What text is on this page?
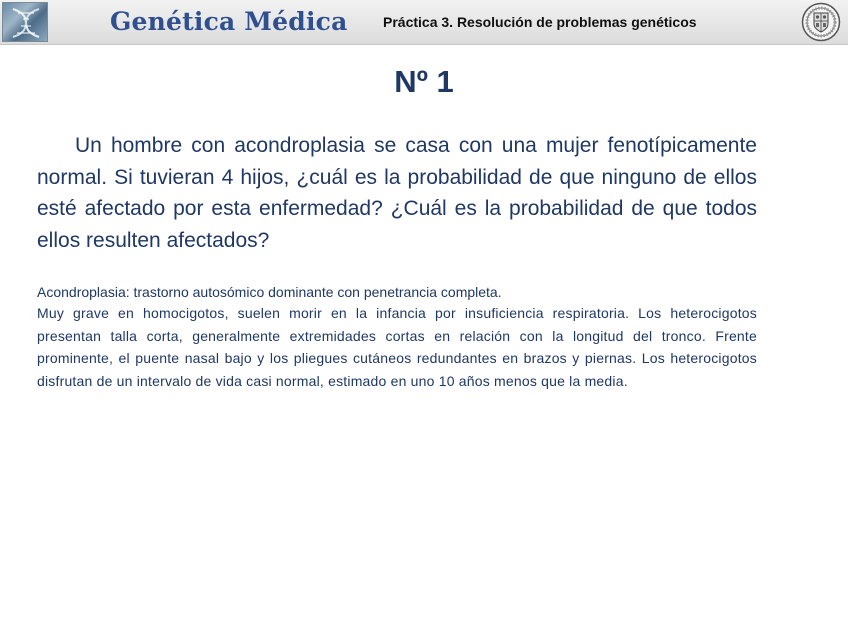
Genética Médica	Práctica 3. Resolución de problemas genéticos
Nº 1

Un hombre con acondroplasia se casa con una mujer fenotípicamente normal. Si tuvieran 4 hijos, ¿cuál es la probabilidad de que ninguno de ellos esté afectado por esta enfermedad? ¿Cuál es la probabilidad de que todos ellos resulten afectados?

Acondroplasia: trastorno autosómico dominante con penetrancia completa.

Muy grave en homocigotos, suelen morir en la infancia por insuficiencia respiratoria. Los heterocigotos presentan talla corta, generalmente extremidades cortas en relación con la longitud del tronco. Frente prominente, el puente nasal bajo y los pliegues cutáneos redundantes en brazos y piernas. Los heterocigotos disfrutan de un intervalo de vida casi normal, estimado en uno 10 años menos que la media.
